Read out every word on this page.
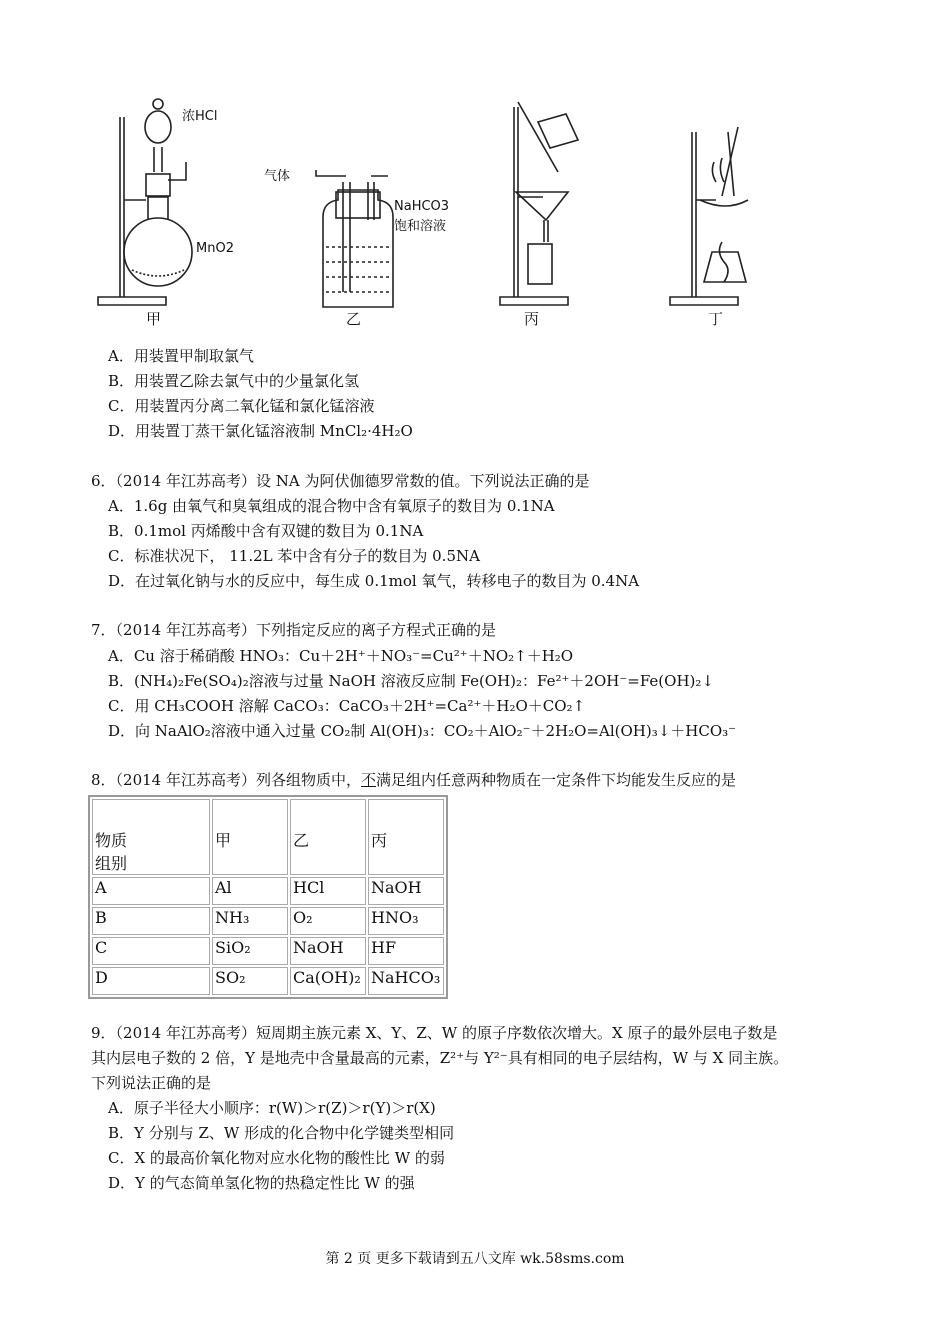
浓HCl
MnO2
气体
NaHCO3
饱和溶液
甲	乙	丙	丁
A．用装置甲制取氯气
B．用装置乙除去氯气中的少量氯化氢
C．用装置丙分离二氧化锰和氯化锰溶液
D．用装置丁蒸干氯化锰溶液制 MnCl₂·4H₂O
6．（2014 年江苏高考）设 NA 为阿伏伽德罗常数的值。下列说法正确的是
A．1.6g 由氧气和臭氧组成的混合物中含有氧原子的数目为 0.1NA
B．0.1mol 丙烯酸中含有双键的数目为 0.1NA
C．标准状况下， 11.2L 苯中含有分子的数目为 0.5NA
D．在过氧化钠与水的反应中，每生成 0.1mol 氧气，转移电子的数目为 0.4NA
7．（2014 年江苏高考）下列指定反应的离子方程式正确的是
A．Cu 溶于稀硝酸 HNO₃：Cu＋2H⁺＋NO₃⁻=Cu²⁺＋NO₂↑＋H₂O
B．(NH₄)₂Fe(SO₄)₂溶液与过量 NaOH 溶液反应制 Fe(OH)₂：Fe²⁺＋2OH⁻=Fe(OH)₂↓
C．用 CH₃COOH 溶解 CaCO₃：CaCO₃＋2H⁺=Ca²⁺＋H₂O＋CO₂↑
D．向 NaAlO₂溶液中通入过量 CO₂制 Al(OH)₃：CO₂＋AlO₂⁻＋2H₂O=Al(OH)₃↓＋HCO₃⁻
8．（2014 年江苏高考）列各组物质中，不满足组内任意两种物质在一定条件下均能发生反应的是
物质
组别	甲	乙	丙
A	Al	HCl	NaOH
B	NH₃	O₂	HNO₃
C	SiO₂	NaOH	HF
D	SO₂	Ca(OH)₂	NaHCO₃
9．（2014 年江苏高考）短周期主族元素 X、Y、Z、W 的原子序数依次增大。X 原子的最外层电子数是
其内层电子数的 2 倍，Y 是地壳中含量最高的元素，Z²⁺与 Y²⁻具有相同的电子层结构，W 与 X 同主族。
下列说法正确的是
A．原子半径大小顺序：r(W)＞r(Z)＞r(Y)＞r(X)
B．Y 分别与 Z、W 形成的化合物中化学键类型相同
C．X 的最高价氧化物对应水化物的酸性比 W 的弱
D．Y 的气态简单氢化物的热稳定性比 W 的强
第 2 页 更多下载请到五八文库 wk.58sms.com
